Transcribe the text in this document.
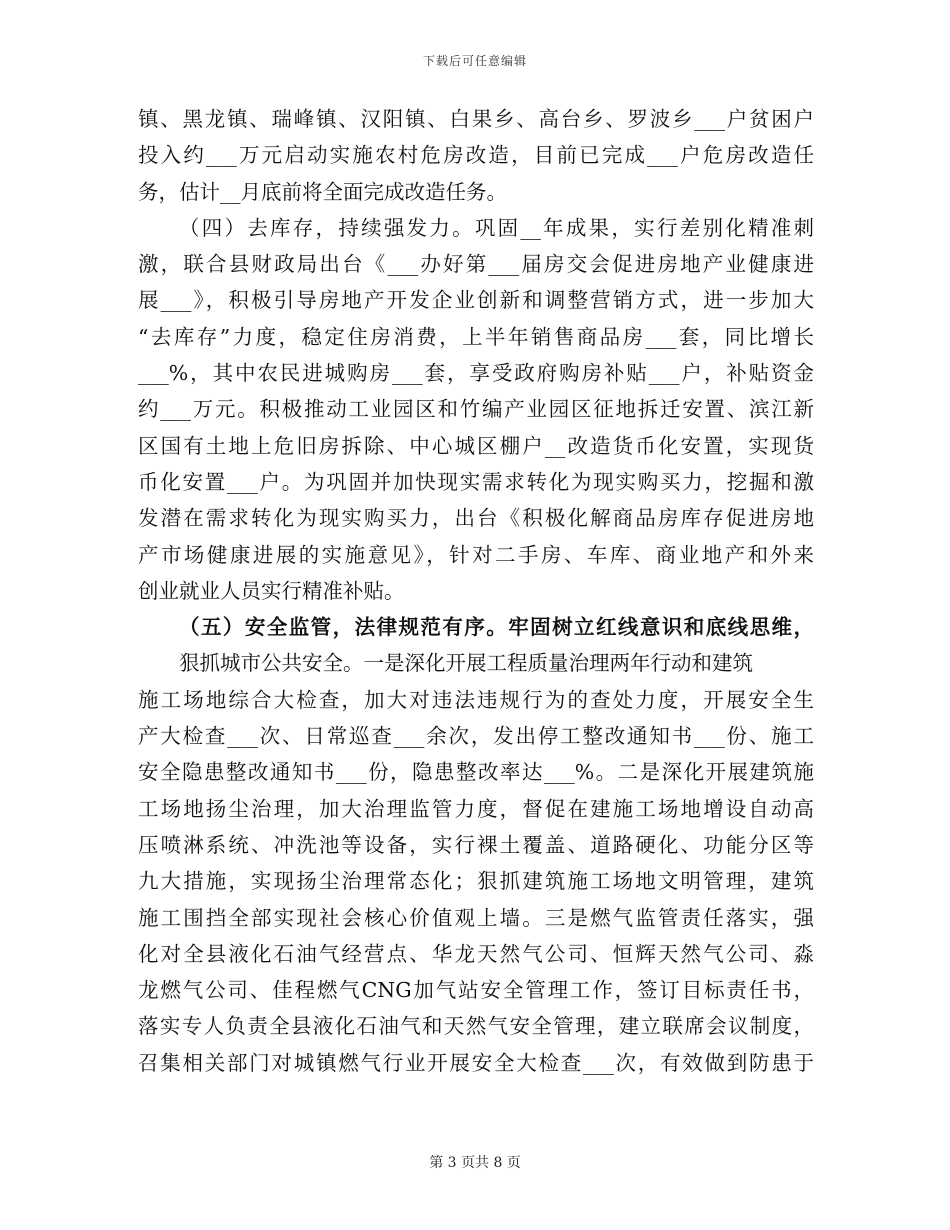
下载后可任意编辑
镇、黑龙镇、瑞峰镇、汉阳镇、白果乡、高台乡、罗波乡___户贫困户
投入约___万元启动实施农村危房改造，目前已完成___户危房改造任
务，估计__月底前将全面完成改造任务。
（四）去库存，持续强发力。巩固__年成果，实行差别化精准刺
激，联合县财政局出台《___办好第___届房交会促进房地产业健康进
展___》，积极引导房地产开发企业创新和调整营销方式，进一步加大
“去库存”力度，稳定住房消费，上半年销售商品房___套，同比增长
___%，其中农民进城购房___套，享受政府购房补贴___户，补贴资金
约___万元。积极推动工业园区和竹编产业园区征地拆迁安置、滨江新
区国有土地上危旧房拆除、中心城区棚户__改造货币化安置，实现货
币化安置___户。为巩固并加快现实需求转化为现实购买力，挖掘和激
发潜在需求转化为现实购买力，出台《积极化解商品房库存促进房地
产市场健康进展的实施意见》，针对二手房、车库、商业地产和外来
创业就业人员实行精准补贴。
（五）安全监管，法律规范有序。牢固树立红线意识和底线思维，
狠抓城市公共安全。一是深化开展工程质量治理两年行动和建筑
施工场地综合大检查，加大对违法违规行为的查处力度，开展安全生
产大检查___次、日常巡查___余次，发出停工整改通知书___份、施工
安全隐患整改通知书___份，隐患整改率达___%。二是深化开展建筑施
工场地扬尘治理，加大治理监管力度，督促在建施工场地增设自动高
压喷淋系统、冲洗池等设备，实行裸土覆盖、道路硬化、功能分区等
九大措施，实现扬尘治理常态化；狠抓建筑施工场地文明管理，建筑
施工围挡全部实现社会核心价值观上墙。三是燃气监管责任落实，强
化对全县液化石油气经营点、华龙天然气公司、恒辉天然气公司、淼
龙燃气公司、佳程燃气CNG加气站安全管理工作，签订目标责任书，
落实专人负责全县液化石油气和天然气安全管理，建立联席会议制度，
召集相关部门对城镇燃气行业开展安全大检查___次，有效做到防患于
第 3 页共 8 页
